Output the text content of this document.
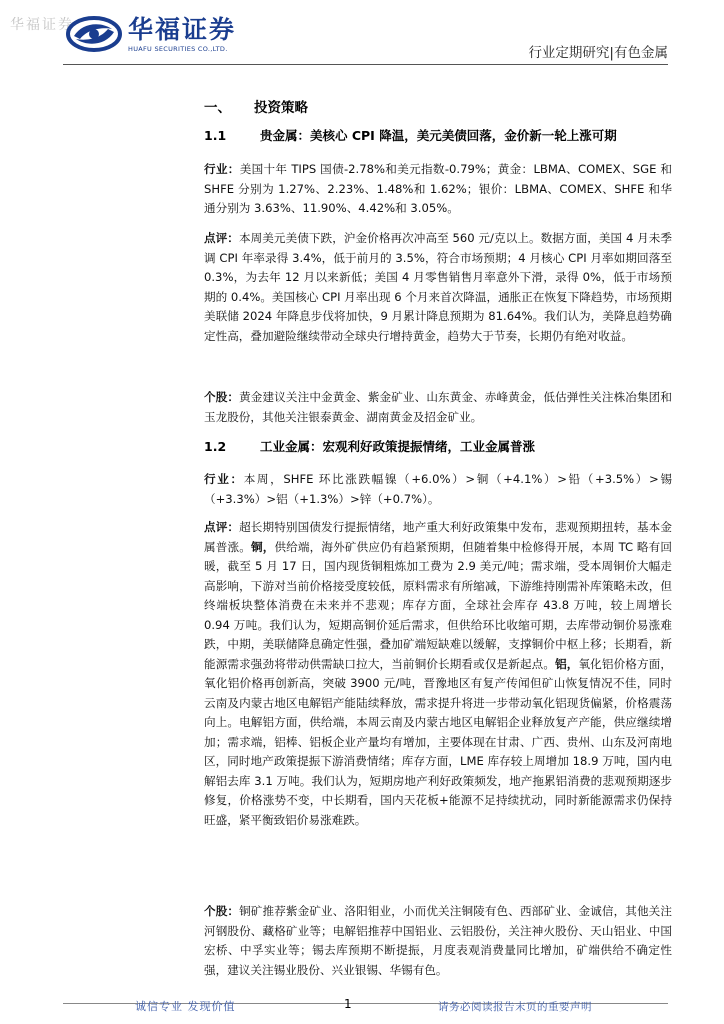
华福证券 华福证券
HUAFU SECURITIES CO.,LTD.	行业定期研究|有色金属
一、 投资策略
1.1	贵金属：美核心 CPI 降温，美元美债回落，金价新一轮上涨可期
行业：美国十年 TIPS 国债-2.78%和美元指数-0.79%；黄金：LBMA、COMEX、SGE 和 SHFE 分别为 1.27%、2.23%、1.48%和 1.62%；银价：LBMA、COMEX、SHFE 和华通分别为 3.63%、11.90%、4.42%和 3.05%。
点评：本周美元美债下跌，沪金价格再次冲高至 560 元/克以上。数据方面，美国 4 月未季调 CPI 年率录得 3.4%，低于前月的 3.5%，符合市场预期；4 月核心 CPI 月率如期回落至 0.3%，为去年 12 月以来新低；美国 4 月零售销售月率意外下滑，录得 0%，低于市场预期的 0.4%。美国核心 CPI 月率出现 6 个月来首次降温，通胀正在恢复下降趋势，市场预期美联储 2024 年降息步伐将加快，9 月累计降息预期为 81.64%。我们认为，美降息趋势确定性高，叠加避险继续带动全球央行增持黄金，趋势大于节奏，长期仍有绝对收益。
个股：黄金建议关注中金黄金、紫金矿业、山东黄金、赤峰黄金，低估弹性关注株冶集团和玉龙股份，其他关注银泰黄金、湖南黄金及招金矿业。
1.2	工业金属：宏观利好政策提振情绪，工业金属普涨
行业：本周，SHFE 环比涨跌幅镍（+6.0%）>铜（+4.1%）>铅（+3.5%）>锡（+3.3%）>铝（+1.3%）>锌（+0.7%）。
点评：超长期特别国债发行提振情绪，地产重大利好政策集中发布，悲观预期扭转，基本金属普涨。铜，供给端，海外矿供应仍有趋紧预期，但随着集中检修得开展，本周 TC 略有回暖，截至 5 月 17 日，国内现货铜粗炼加工费为 2.9 美元/吨；需求端，受本周铜价大幅走高影响，下游对当前价格接受度较低，原料需求有所缩减，下游维持刚需补库策略未改，但终端板块整体消费在未来并不悲观；库存方面，全球社会库存 43.8 万吨，较上周增长 0.94 万吨。我们认为，短期高铜价延后需求，但供给环比收缩可期，去库带动铜价易涨难跌，中期，美联储降息确定性强，叠加矿端短缺难以缓解，支撑铜价中枢上移；长期看，新能源需求强劲将带动供需缺口拉大，当前铜价长期看或仅是新起点。铝，氧化铝价格方面，氧化铝价格再创新高，突破 3900 元/吨，晋豫地区有复产传闻但矿山恢复情况不佳，同时云南及内蒙古地区电解铝产能陆续释放，需求提升将进一步带动氧化铝现货偏紧，价格震荡向上。电解铝方面，供给端，本周云南及内蒙古地区电解铝企业释放复产产能，供应继续增加；需求端，铝棒、铝板企业产量均有增加，主要体现在甘肃、广西、贵州、山东及河南地区，同时地产政策提振下游消费情绪；库存方面，LME 库存较上周增加 18.9 万吨，国内电解铝去库 3.1 万吨。我们认为，短期房地产利好政策频发，地产拖累铝消费的悲观预期逐步修复，价格涨势不变，中长期看，国内天花板+能源不足持续扰动，同时新能源需求仍保持旺盛，紧平衡致铝价易涨难跌。
个股：铜矿推荐紫金矿业、洛阳钼业，小而优关注铜陵有色、西部矿业、金诚信，其他关注河钢股份、藏格矿业等；电解铝推荐中国铝业、云铝股份，关注神火股份、天山铝业、中国宏桥、中孚实业等；锡去库预期不断提振，月度表观消费量同比增加，矿端供给不确定性强，建议关注锡业股份、兴业银锡、华锡有色。
诚信专业 发现价值	1	请务必阅读报告末页的重要声明
